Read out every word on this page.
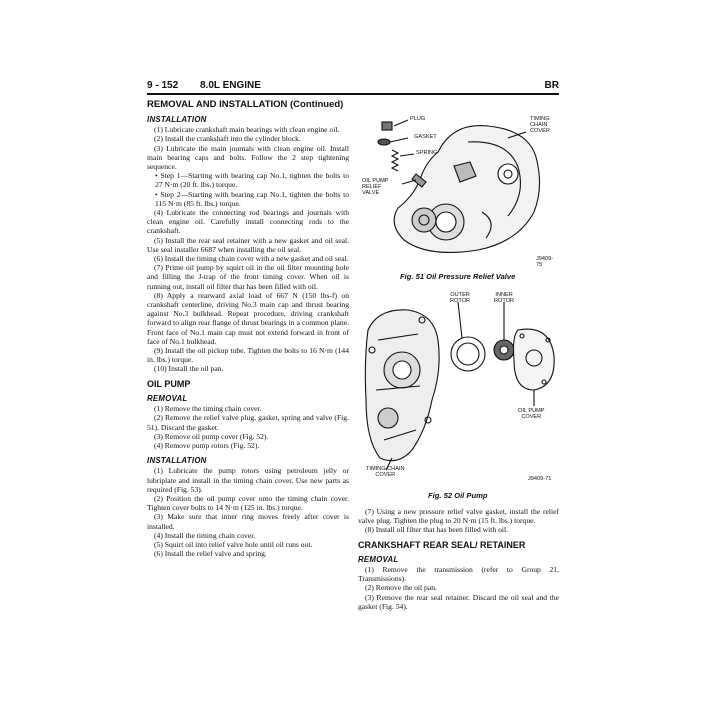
9 - 152 8.0L ENGINE	BR
REMOVAL AND INSTALLATION (Continued)
INSTALLATION

(1) Lubricate crankshaft main bearings with clean engine oil.

(2) Install the crankshaft into the cylinder block.

(3) Lubricate the main journals with clean engine oil. Install main bearing caps and bolts. Follow the 2 step tightening sequence.

• Step 1—Starting with bearing cap No.1, tighten the bolts to 27 N·m (20 ft. lbs.) torque.

• Step 2—Starting with bearing cap No.1, tighten the bolts to 115 N·m (85 ft. lbs.) torque.

(4) Lubricate the connecting rod bearings and journals with clean engine oil. Carefully install connecting rods to the crankshaft.

(5) Install the rear seal retainer with a new gasket and oil seal. Use seal installer 6687 when installing the oil seal.

(6) Install the timing chain cover with a new gasket and oil seal.

(7) Prime oil pump by squirt oil in the oil filter mounting hole and filling the J-trap of the front timing cover. When oil is running out, install oil filter that has been filled with oil.

(8) Apply a rearward axial load of 667 N (150 lbs-f) on crankshaft centerline, driving No.3 main cap and thrust bearing against No.3 bulkhead. Repeat procedure, driving crankshaft forward to align rear flange of thrust bearings in a common plane. Front face of No.1 main cap must not extend forward in front of face of No.1 bulkhead.

(9) Install the oil pickup tube. Tighten the bolts to 16 N·m (144 in. lbs.) torque.

(10) Install the oil pan.

OIL PUMP
REMOVAL

(1) Remove the timing chain cover.

(2) Remove the relief valve plug, gasket, spring and valve (Fig. 51). Discard the gasket.

(3) Remove oil pump cover (Fig. 52).

(4) Remove pump rotors (Fig. 52).

INSTALLATION

(1) Lubricate the pump rotors using petroleum jelly or lubriplate and install in the timing chain cover. Use new parts as required (Fig. 53).

(2) Position the oil pump cover onto the timing chain cover. Tighten cover bolts to 14 N·m (125 in. lbs.) torque.

(3) Make sure that inner ring moves freely after cover is installed.

(4) Install the timing chain cover.

(5) Squirt oil into relief valve hole until oil runs out.

(6) Install the relief valve and spring.

PLUG
GASKET
SPRING
OIL PUMP
RELIEF
VALVE
TIMING
CHAIN
COVER
J9409-75
Fig. 51 Oil Pressure Relief Valve
OUTER
ROTOR
INNER
ROTOR
OIL PUMP
COVER
TIMING CHAIN
COVER
J9409-71
Fig. 52 Oil Pump

(7) Using a new pressure relief valve gasket, install the relief valve plug. Tighten the plug to 20 N·m (15 ft. lbs.) torque.

(8) Install oil filter that has been filled with oil.

CRANKSHAFT REAR SEAL/ RETAINER
REMOVAL

(1) Remove the transmission (refer to Group 21, Transmissions).

(2) Remove the oil pan.

(3) Remove the rear seal retainer. Discard the oil seal and the gasket (Fig. 54).
